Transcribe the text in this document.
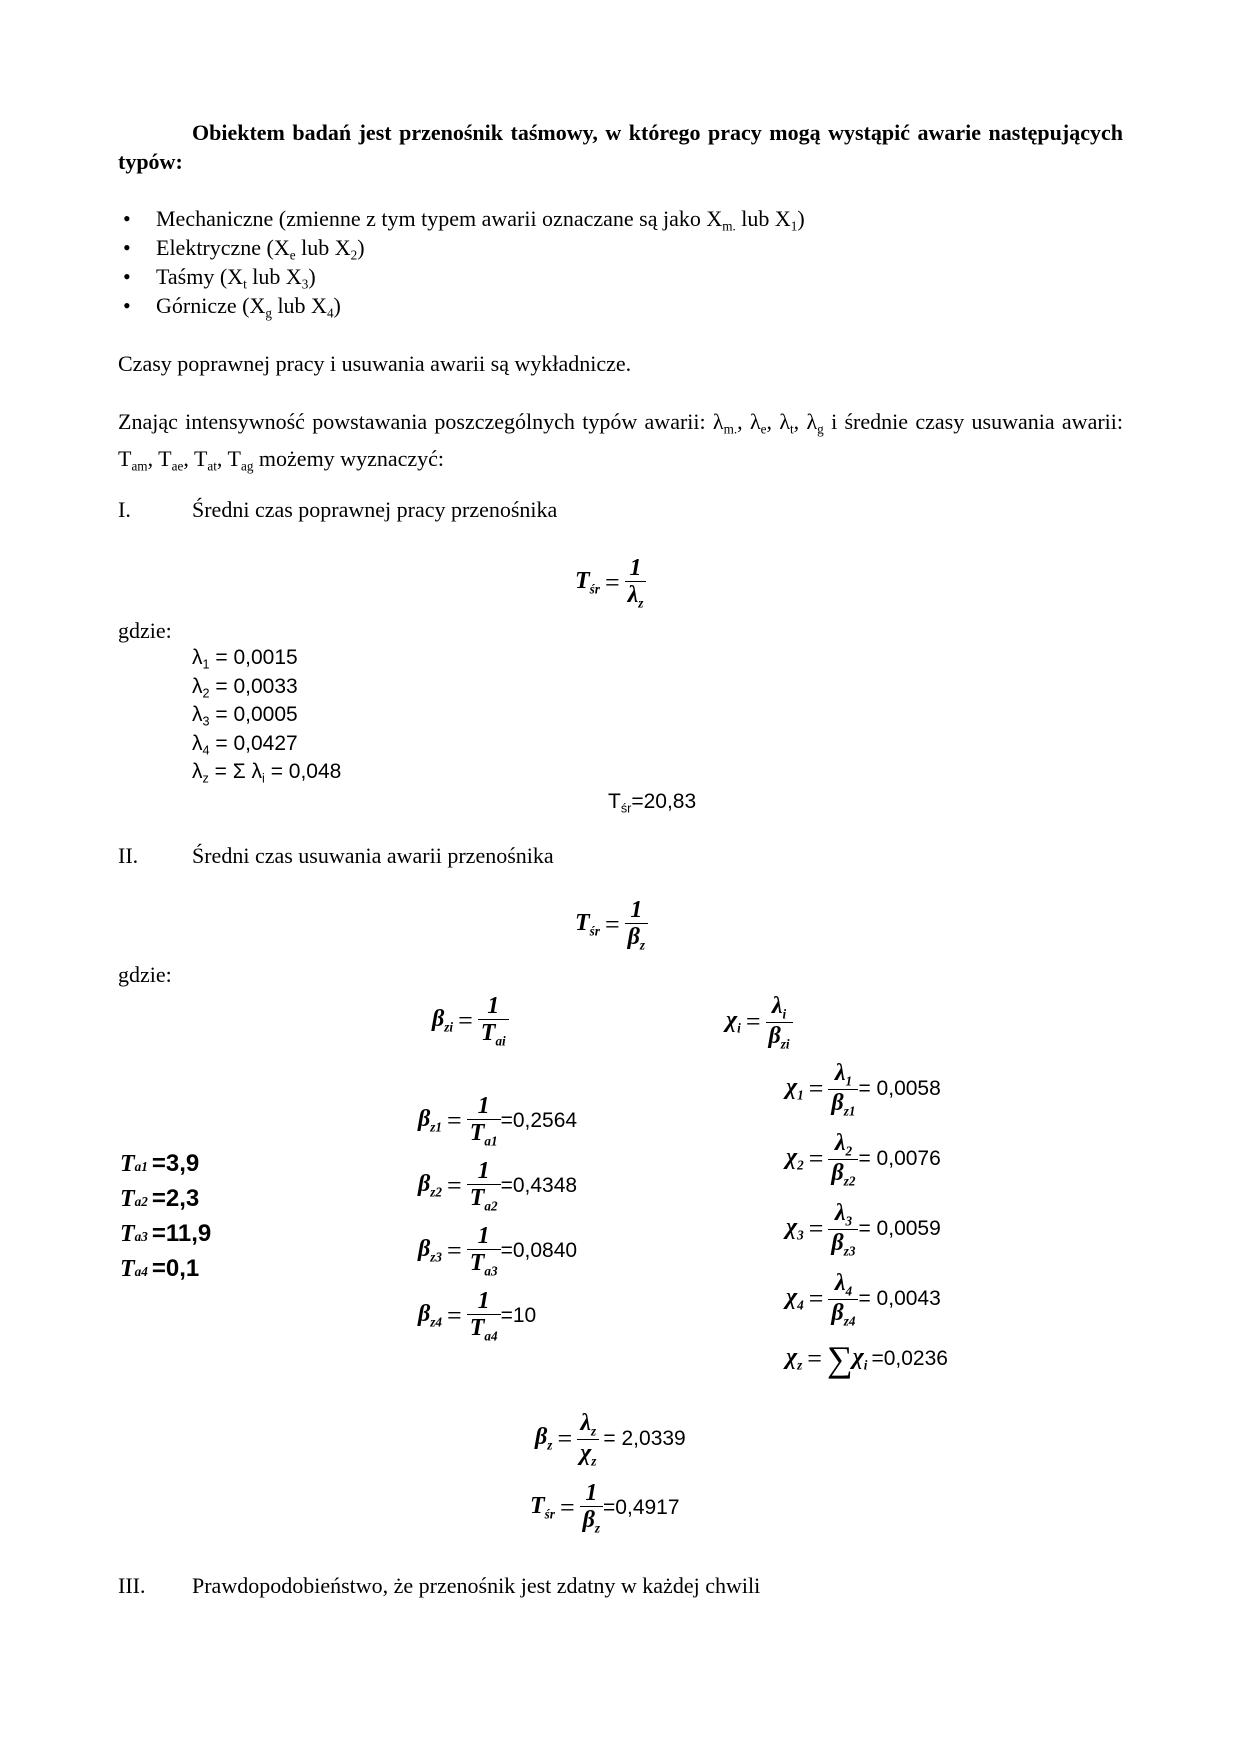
Obiektem badań jest przenośnik taśmowy, w którego pracy mogą wystąpić awarie następujących typów:
• Mechaniczne (zmienne z tym typem awarii oznaczane są jako $X_{m.}$ lub $X_1$)
• Elektryczne ($X_e$ lub $X_2$)
• Taśmy ($X_t$ lub $X_3$)
• Górnicze ($X_g$ lub $X_4$)
Czasy poprawnej pracy i usuwania awarii są wykładnicze.
Znając intensywność powstawania poszczególnych typów awarii: $\lambda_{m.}$, $\lambda_e$, $\lambda_t$, $\lambda_g$ i średnie czasy usuwania awarii: $T_{am}$, $T_{ae}$, $T_{at}$, $T_{ag}$ możemy wyznaczyć:
I.	Średni czas poprawnej pracy przenośnika
$T_{śr} = \frac{1}{\lambda_z}$
gdzie:
$\lambda_1 = 0,0015$
$\lambda_2 = 0,0033$
$\lambda_3 = 0,0005$
$\lambda_4 = 0,0427$
$\lambda_z = \Sigma$ $\lambda_i = 0,048$
$T_{śr}=20,83$
II. Średni czas usuwania awarii przenośnika
$T_{śr} = \frac{1}{\beta_z}$
gdzie:
$\beta_{zi} = \frac{1}{T_{ai}}$	$\chi_i = \frac{\lambda_i}{\beta_{zi}}$
T a1 =3,9
T a2 =2,3
T a3 =11,9
T a4 =0,1
$\beta_{z1} = \frac{1}{T_{a1}} =0,2564$
$\beta_{z2} = \frac{1}{T_{a2}} =0,4348$
$\beta_{z3} = \frac{1}{T_{a3}} =0,0840$
$\beta_{z4} = \frac{1}{T_{a4}} =10$
$\chi_1 = \frac{\lambda_1}{\beta_{z1}} = 0,0058$
$\chi_2 = \frac{\lambda_2}{\beta_{z2}} = 0,0076$
$\chi_3 = \frac{\lambda_3}{\beta_{z3}} = 0,0059$
$\chi_4 = \frac{\lambda_4}{\beta_{z4}} = 0,0043$
$\chi_z$ = ∑ $\chi_i =0,0236$
$\beta_z = \frac{\lambda_z}{\chi_z} = 2,0339$
$T_{śr} = \frac{1}{\beta_z} =0,4917$
III. Prawdopodobieństwo, że przenośnik jest zdatny w każdej chwili
